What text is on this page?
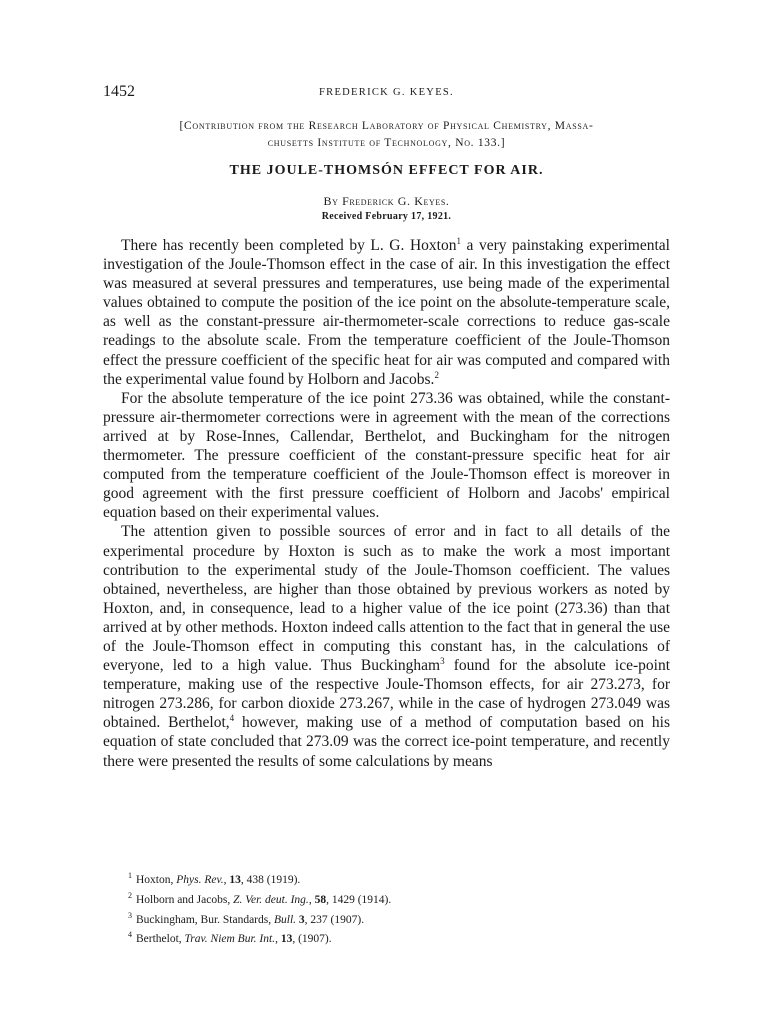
1452	FREDERICK G. KEYES.
[Contribution from the Research Laboratory of Physical Chemistry, Massa-
chusetts Institute of Technology, No. 133.]
THE JOULE-THOMSÓN EFFECT FOR AIR.
By Frederick G. Keyes.
Received February 17, 1921.

There has recently been completed by L. G. Hoxton$^1$ a very painstaking experimental investigation of the Joule-Thomson effect in the case of air. In this investigation the effect was measured at several pressures and temperatures, use being made of the experimental values obtained to compute the position of the ice point on the absolute-temperature scale, as well as the constant-pressure air-thermometer-scale corrections to reduce gas-scale readings to the absolute scale. From the temperature coefficient of the Joule-Thomson effect the pressure coefficient of the specific heat for air was computed and compared with the experimental value found by Holborn and Jacobs.$^2$

For the absolute temperature of the ice point 273.36 was obtained, while the constant-pressure air-thermometer corrections were in agreement with the mean of the corrections arrived at by Rose-Innes, Callendar, Berthelot, and Buckingham for the nitrogen thermometer. The pressure coefficient of the constant-pressure specific heat for air computed from the temperature coefficient of the Joule-Thomson effect is moreover in good agreement with the first pressure coefficient of Holborn and Jacobs' empirical equation based on their experimental values.

The attention given to possible sources of error and in fact to all details of the experimental procedure by Hoxton is such as to make the work a most important contribution to the experimental study of the Joule-Thomson coefficient. The values obtained, nevertheless, are higher than those obtained by previous workers as noted by Hoxton, and, in consequence, lead to a higher value of the ice point (273.36) than that arrived at by other methods. Hoxton indeed calls attention to the fact that in general the use of the Joule-Thomson effect in computing this constant has, in the calculations of everyone, led to a high value. Thus Buckingham$^3$ found for the absolute ice-point temperature, making use of the respective Joule-Thomson effects, for air 273.273, for nitrogen 273.286, for carbon dioxide 273.267, while in the case of hydrogen 273.049 was obtained. Berthelot,$^4$ however, making use of a method of computation based on his equation of state concluded that 273.09 was the correct ice-point temperature, and recently there were presented the results of some calculations by means

$^1$ Hoxton, Phys. Rev., 13, 438 (1919).

$^2$ Holborn and Jacobs, Z. Ver. deut. Ing., 58, 1429 (1914).

$^3$ Buckingham, Bur. Standards, Bull. 3, 237 (1907).

$^4$ Berthelot, Trav. Niem Bur. Int., 13, (1907).
